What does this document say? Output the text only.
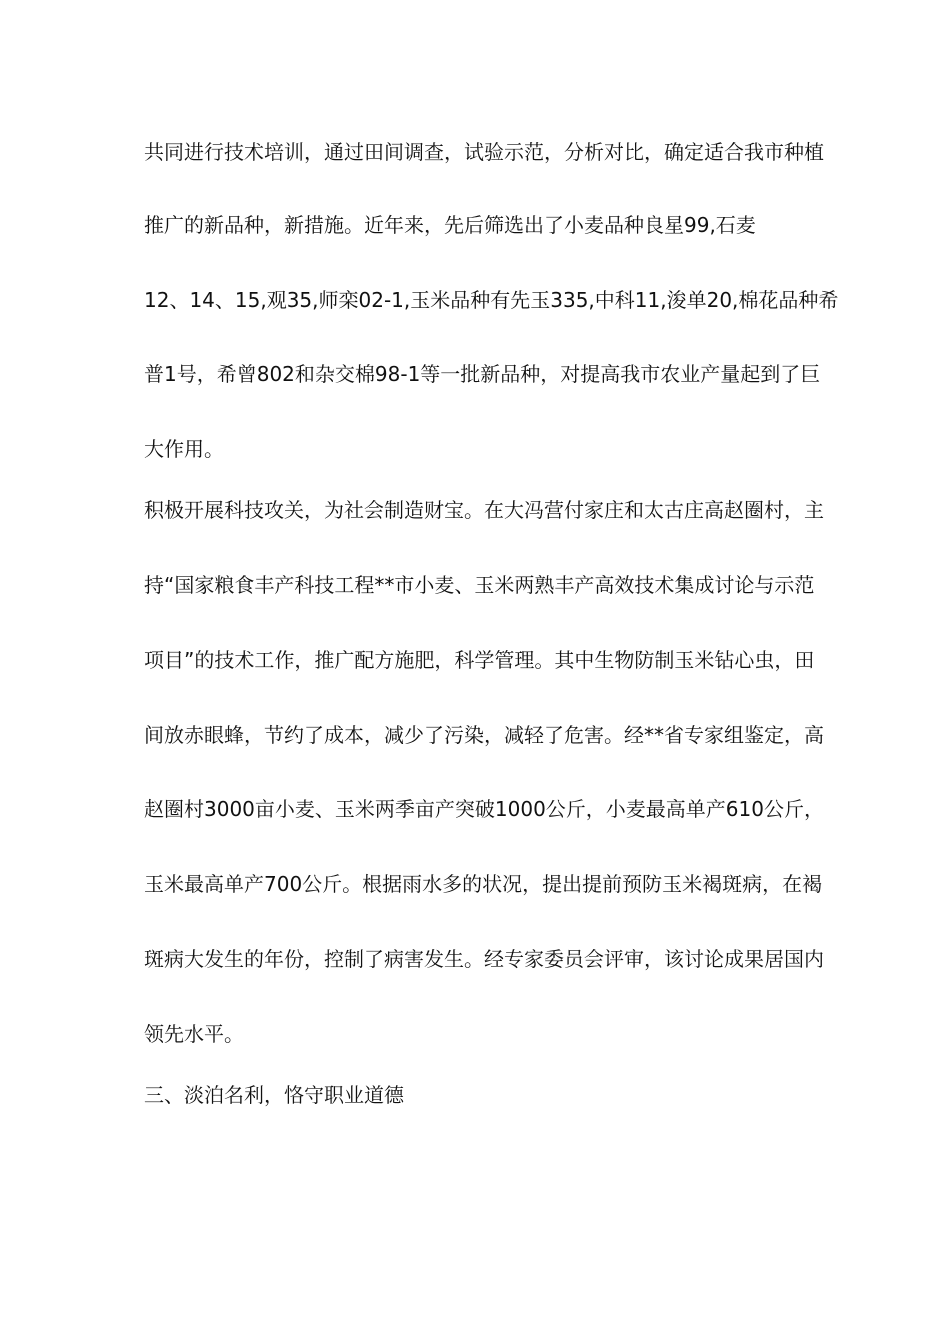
共同进行技术培训，通过田间调查，试验示范，分析对比，确定适合我市种植
推广的新品种，新措施。近年来，先后筛选出了小麦品种良星99,石麦
12、14、15,观35,师栾02-1,玉米品种有先玉335,中科11,浚单20,棉花品种希
普1号，希曾802和杂交棉98-1等一批新品种，对提高我市农业产量起到了巨
大作用。
积极开展科技攻关，为社会制造财宝。在大冯营付家庄和太古庄高赵圈村，主
持“国家粮食丰产科技工程**市小麦、玉米两熟丰产高效技术集成讨论与示范
项目”的技术工作，推广配方施肥，科学管理。其中生物防制玉米钻心虫，田
间放赤眼蜂，节约了成本，减少了污染，减轻了危害。经**省专家组鉴定，高
赵圈村3000亩小麦、玉米两季亩产突破1000公斤，小麦最高单产610公斤，
玉米最高单产700公斤。根据雨水多的状况，提出提前预防玉米褐斑病，在褐
斑病大发生的年份，控制了病害发生。经专家委员会评审，该讨论成果居国内
领先水平。
三、淡泊名利，恪守职业道德
